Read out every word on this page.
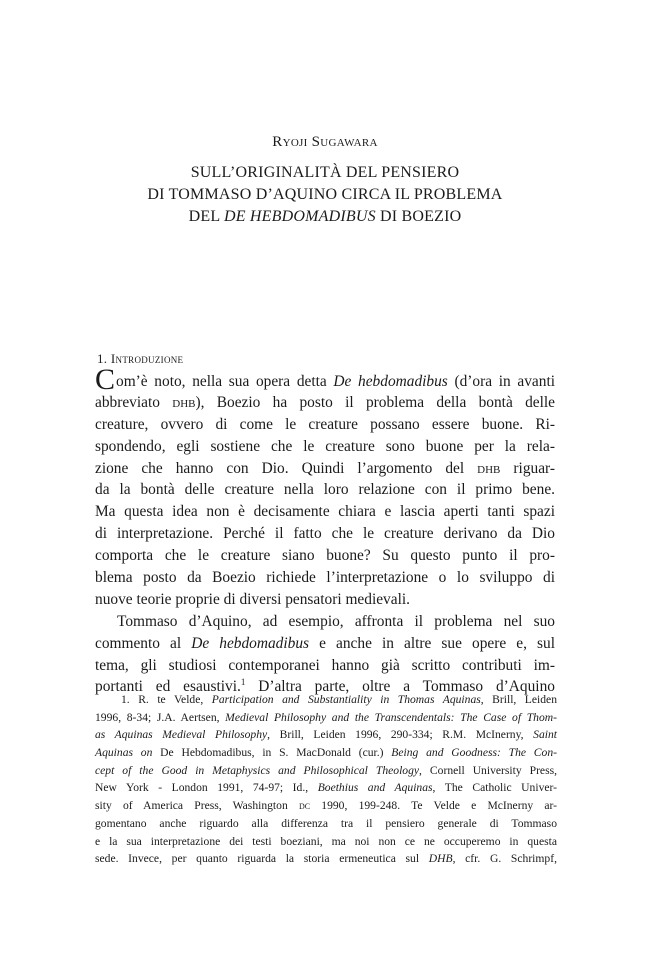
Ryoji Sugawara
SULL’ORIGINALITÀ DEL PENSIERO
DI TOMMASO D’AQUINO CIRCA IL PROBLEMA
DEL DE HEBDOMADIBUS DI BOEZIO
1. Introduzione
Com’è noto, nella sua opera detta De hebdomadibus (d’ora in avanti
abbreviato dhb), Boezio ha posto il problema della bontà delle
creature, ovvero di come le creature possano essere buone. Ri-
spondendo, egli sostiene che le creature sono buone per la rela-
zione che hanno con Dio. Quindi l’argomento del dhb riguar-
da la bontà delle creature nella loro relazione con il primo bene.
Ma questa idea non è decisamente chiara e lascia aperti tanti spazi
di interpretazione. Perché il fatto che le creature derivano da Dio
comporta che le creature siano buone? Su questo punto il pro-
blema posto da Boezio richiede l’interpretazione o lo sviluppo di
nuove teorie proprie di diversi pensatori medievali.
Tommaso d’Aquino, ad esempio, affronta il problema nel suo
commento al De hebdomadibus e anche in altre sue opere e, sul
tema, gli studiosi contemporanei hanno già scritto contributi im-
portanti ed esaustivi.$^1$ D’altra parte, oltre a Tommaso d’Aquino
1. R. te Velde, Participation and Substantiality in Thomas Aquinas, Brill, Leiden
1996, 8-34; J.A. Aertsen, Medieval Philosophy and the Transcendentals: The Case of Thom-
as Aquinas Medieval Philosophy, Brill, Leiden 1996, 290-334; R.M. McInerny, Saint
Aquinas on De Hebdomadibus, in S. MacDonald (cur.) Being and Goodness: The Con-
cept of the Good in Metaphysics and Philosophical Theology, Cornell University Press,
New York - London 1991, 74-97; Id., Boethius and Aquinas, The Catholic Univer-
sity of America Press, Washington dc 1990, 199-248. Te Velde e McInerny ar-
gomentano anche riguardo alla differenza tra il pensiero generale di Tommaso
e la sua interpretazione dei testi boeziani, ma noi non ce ne occuperemo in questa
sede. Invece, per quanto riguarda la storia ermeneutica sul DHB, cfr. G. Schrimpf,
